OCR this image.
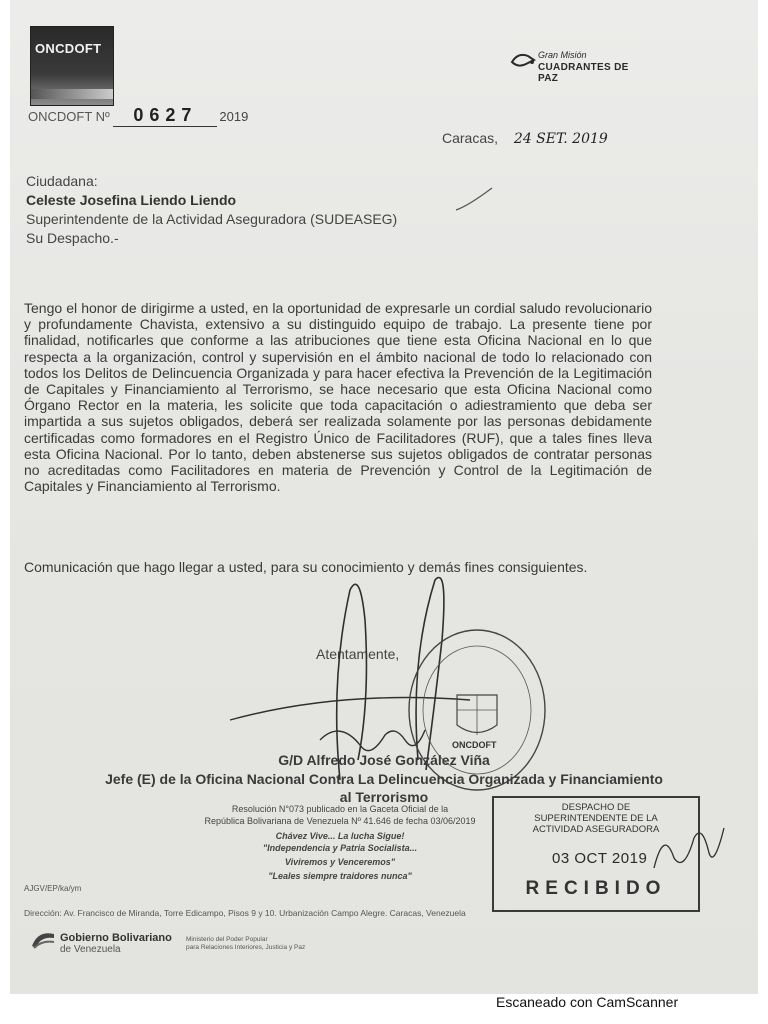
ONCDOFT
ONCDOFT Nº 0627 2019
Gran Misión
CUADRANTES DE PAZ
Caracas, 24 SET. 2019
Ciudadana:
Celeste Josefina Liendo Liendo
Superintendente de la Actividad Aseguradora (SUDEASEG)
Su Despacho.-
Tengo el honor de dirigirme a usted, en la oportunidad de expresarle un cordial saludo revolucionario y profundamente Chavista, extensivo a su distinguido equipo de trabajo. La presente tiene por finalidad, notificarles que conforme a las atribuciones que tiene esta Oficina Nacional en lo que respecta a la organización, control y supervisión en el ámbito nacional de todo lo relacionado con todos los Delitos de Delincuencia Organizada y para hacer efectiva la Prevención de la Legitimación de Capitales y Financiamiento al Terrorismo, se hace necesario que esta Oficina Nacional como Órgano Rector en la materia, les solicite que toda capacitación o adiestramiento que deba ser impartida a sus sujetos obligados, deberá ser realizada solamente por las personas debidamente certificadas como formadores en el Registro Único de Facilitadores (RUF), que a tales fines lleva esta Oficina Nacional. Por lo tanto, deben abstenerse sus sujetos obligados de contratar personas no acreditadas como Facilitadores en materia de Prevención y Control de la Legitimación de Capitales y Financiamiento al Terrorismo.
Comunicación que hago llegar a usted, para su conocimiento y demás fines consiguientes.
Atentamente,
ONCDOFT
G/D Alfredo José González Viña
Jefe (E) de la Oficina Nacional Contra La Delincuencia Organizada y Financiamiento al Terrorismo
Resolución N°073 publicado en la Gaceta Oficial de la
República Bolivariana de Venezuela Nº 41.646 de fecha 03/06/2019
Chávez Vive... La lucha Sigue!
"Independencia y Patria Socialista...
Viviremos y Venceremos"
"Leales siempre traidores nunca"
DESPACHO DE
SUPERINTENDENTE DE LA
ACTIVIDAD ASEGURADORA
03 OCT 2019
RECIBIDO
AJGV/EP/ka/ym
Dirección: Av. Francisco de Miranda, Torre Edicampo, Pisos 9 y 10. Urbanización Campo Alegre. Caracas, Venezuela
Gobierno Bolivariano
de Venezuela
Ministerio del Poder Popular
para Relaciones Interiores, Justicia y Paz
Escaneado con CamScanner
